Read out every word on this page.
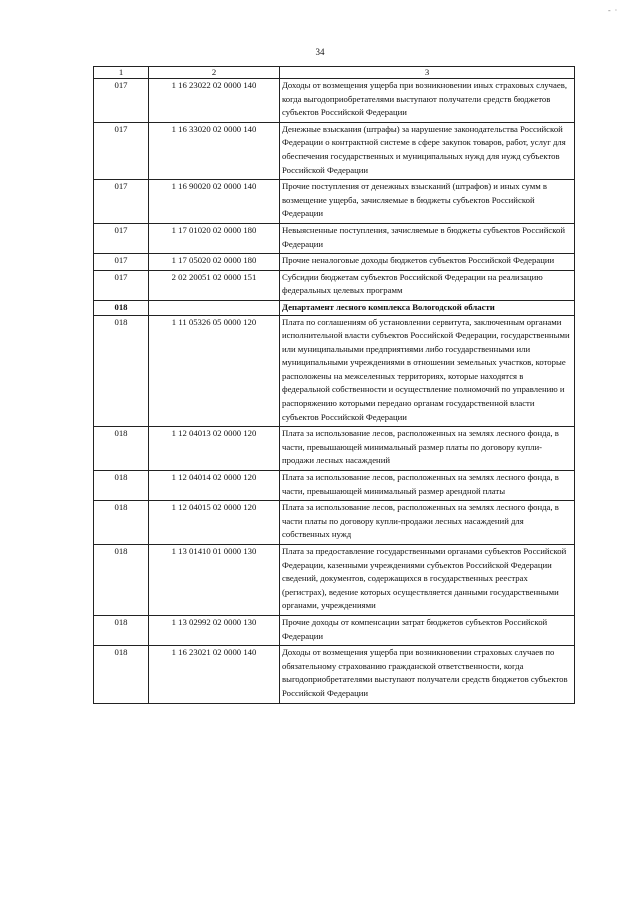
- ·
34
1	2	3
017	1 16 23022 02 0000 140	Доходы от возмещения ущерба при возникновении иных страховых случаев, когда выгодоприобретателями выступают получатели средств бюджетов субъектов Российской Федерации
017	1 16 33020 02 0000 140	Денежные взыскания (штрафы) за нарушение законодательства Российской Федерации о контрактной системе в сфере закупок товаров, работ, услуг для обеспечения государственных и муниципальных нужд для нужд субъектов Российской Федерации
017	1 16 90020 02 0000 140	Прочие поступления от денежных взысканий (штрафов) и иных сумм в возмещение ущерба, зачисляемые в бюджеты субъектов Российской Федерации
017	1 17 01020 02 0000 180	Невыясненные поступления, зачисляемые в бюджеты субъектов Российской Федерации
017	1 17 05020 02 0000 180	Прочие неналоговые доходы бюджетов субъектов Российской Федерации
017	2 02 20051 02 0000 151	Субсидии бюджетам субъектов Российской Федерации на реализацию федеральных целевых программ
018		Департамент лесного комплекса Вологодской области
018	1 11 05326 05 0000 120	Плата по соглашениям об установлении сервитута, заключенным органами исполнительной власти субъектов Российской Федерации, государственными или муниципальными предприятиями либо государственными или муниципальными учреждениями в отношении земельных участков, которые расположены на межселенных территориях, которые находятся в федеральной собственности и осуществление полномочий по управлению и распоряжению которыми передано органам государственной власти субъектов Российской Федерации
018	1 12 04013 02 0000 120	Плата за использование лесов, расположенных на землях лесного фонда, в части, превышающей минимальный размер платы по договору купли-продажи лесных насаждений
018	1 12 04014 02 0000 120	Плата за использование лесов, расположенных на землях лесного фонда, в части, превышающей минимальный размер арендной платы
018	1 12 04015 02 0000 120	Плата за использование лесов, расположенных на землях лесного фонда, в части платы по договору купли-продажи лесных насаждений для собственных нужд
018	1 13 01410 01 0000 130	Плата за предоставление государственными органами субъектов Российской Федерации, казенными учреждениями субъектов Российской Федерации сведений, документов, содержащихся в государственных реестрах (регистрах), ведение которых осуществляется данными государственными органами, учреждениями
018	1 13 02992 02 0000 130	Прочие доходы от компенсации затрат бюджетов субъектов Российской Федерации
018	1 16 23021 02 0000 140	Доходы от возмещения ущерба при возникновении страховых случаев по обязательному страхованию гражданской ответственности, когда выгодоприобретателями выступают получатели средств бюджетов субъектов Российской Федерации
